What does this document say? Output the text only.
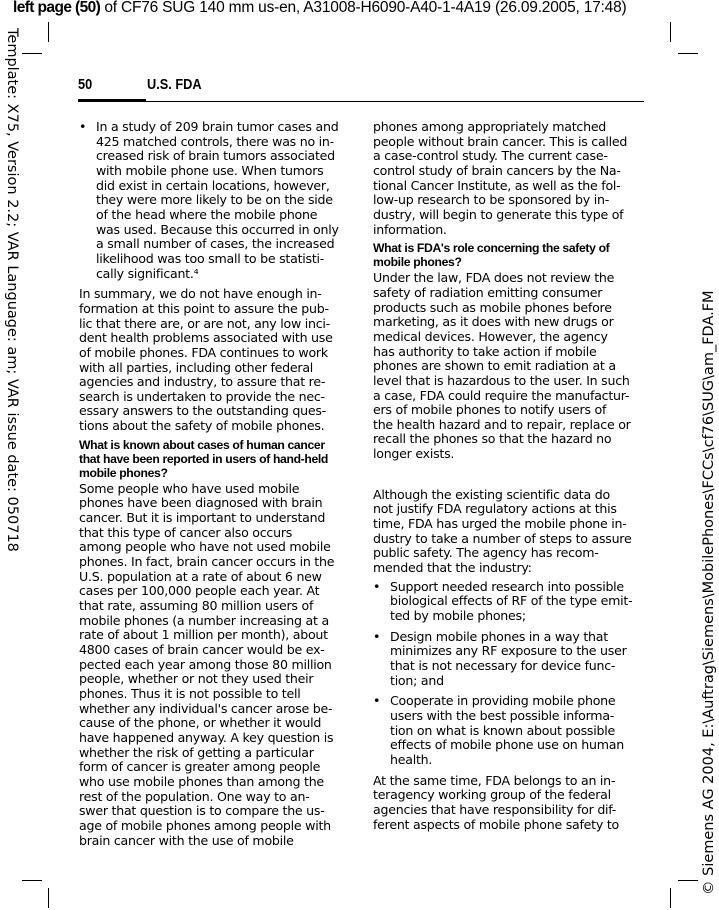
left page (50) of CF76 SUG 140 mm us-en, A31008-H6090-A40-1-4A19 (26.09.2005, 17:48)
Template: X75, Version 2.2; VAR Language: am; VAR issue date: 050718
© Siemens AG 2004, E:\Auftrag\Siemens\MobilePhones\FCCs\cf76\SUG\am_FDA.FM
50	U.S. FDA
• In a study of 209 brain tumor cases and
425 matched controls, there was no in-
creased risk of brain tumors associated
with mobile phone use. When tumors
did exist in certain locations, however,
they were more likely to be on the side
of the head where the mobile phone
was used. Because this occurred in only
a small number of cases, the increased
likelihood was too small to be statisti-
cally significant.⁴
In summary, we do not have enough in-
formation at this point to assure the pub-
lic that there are, or are not, any low inci-
dent health problems associated with use
of mobile phones. FDA continues to work
with all parties, including other federal
agencies and industry, to assure that re-
search is undertaken to provide the nec-
essary answers to the outstanding ques-
tions about the safety of mobile phones.
What is known about cases of human cancer
that have been reported in users of hand-held
mobile phones?
Some people who have used mobile
phones have been diagnosed with brain
cancer. But it is important to understand
that this type of cancer also occurs
among people who have not used mobile
phones. In fact, brain cancer occurs in the
U.S. population at a rate of about 6 new
cases per 100,000 people each year. At
that rate, assuming 80 million users of
mobile phones (a number increasing at a
rate of about 1 million per month), about
4800 cases of brain cancer would be ex-
pected each year among those 80 million
people, whether or not they used their
phones. Thus it is not possible to tell
whether any individual's cancer arose be-
cause of the phone, or whether it would
have happened anyway. A key question is
whether the risk of getting a particular
form of cancer is greater among people
who use mobile phones than among the
rest of the population. One way to an-
swer that question is to compare the us-
age of mobile phones among people with
brain cancer with the use of mobile
phones among appropriately matched
people without brain cancer. This is called
a case-control study. The current case-
control study of brain cancers by the Na-
tional Cancer Institute, as well as the fol-
low-up research to be sponsored by in-
dustry, will begin to generate this type of
information.
What is FDA's role concerning the safety of
mobile phones?
Under the law, FDA does not review the
safety of radiation emitting consumer
products such as mobile phones before
marketing, as it does with new drugs or
medical devices. However, the agency
has authority to take action if mobile
phones are shown to emit radiation at a
level that is hazardous to the user. In such
a case, FDA could require the manufactur-
ers of mobile phones to notify users of
the health hazard and to repair, replace or
recall the phones so that the hazard no
longer exists.
Although the existing scientific data do
not justify FDA regulatory actions at this
time, FDA has urged the mobile phone in-
dustry to take a number of steps to assure
public safety. The agency has recom-
mended that the industry:
• Support needed research into possible
biological effects of RF of the type emit-
ted by mobile phones;
• Design mobile phones in a way that
minimizes any RF exposure to the user
that is not necessary for device func-
tion; and
• Cooperate in providing mobile phone
users with the best possible informa-
tion on what is known about possible
effects of mobile phone use on human
health.
At the same time, FDA belongs to an in-
teragency working group of the federal
agencies that have responsibility for dif-
ferent aspects of mobile phone safety to
